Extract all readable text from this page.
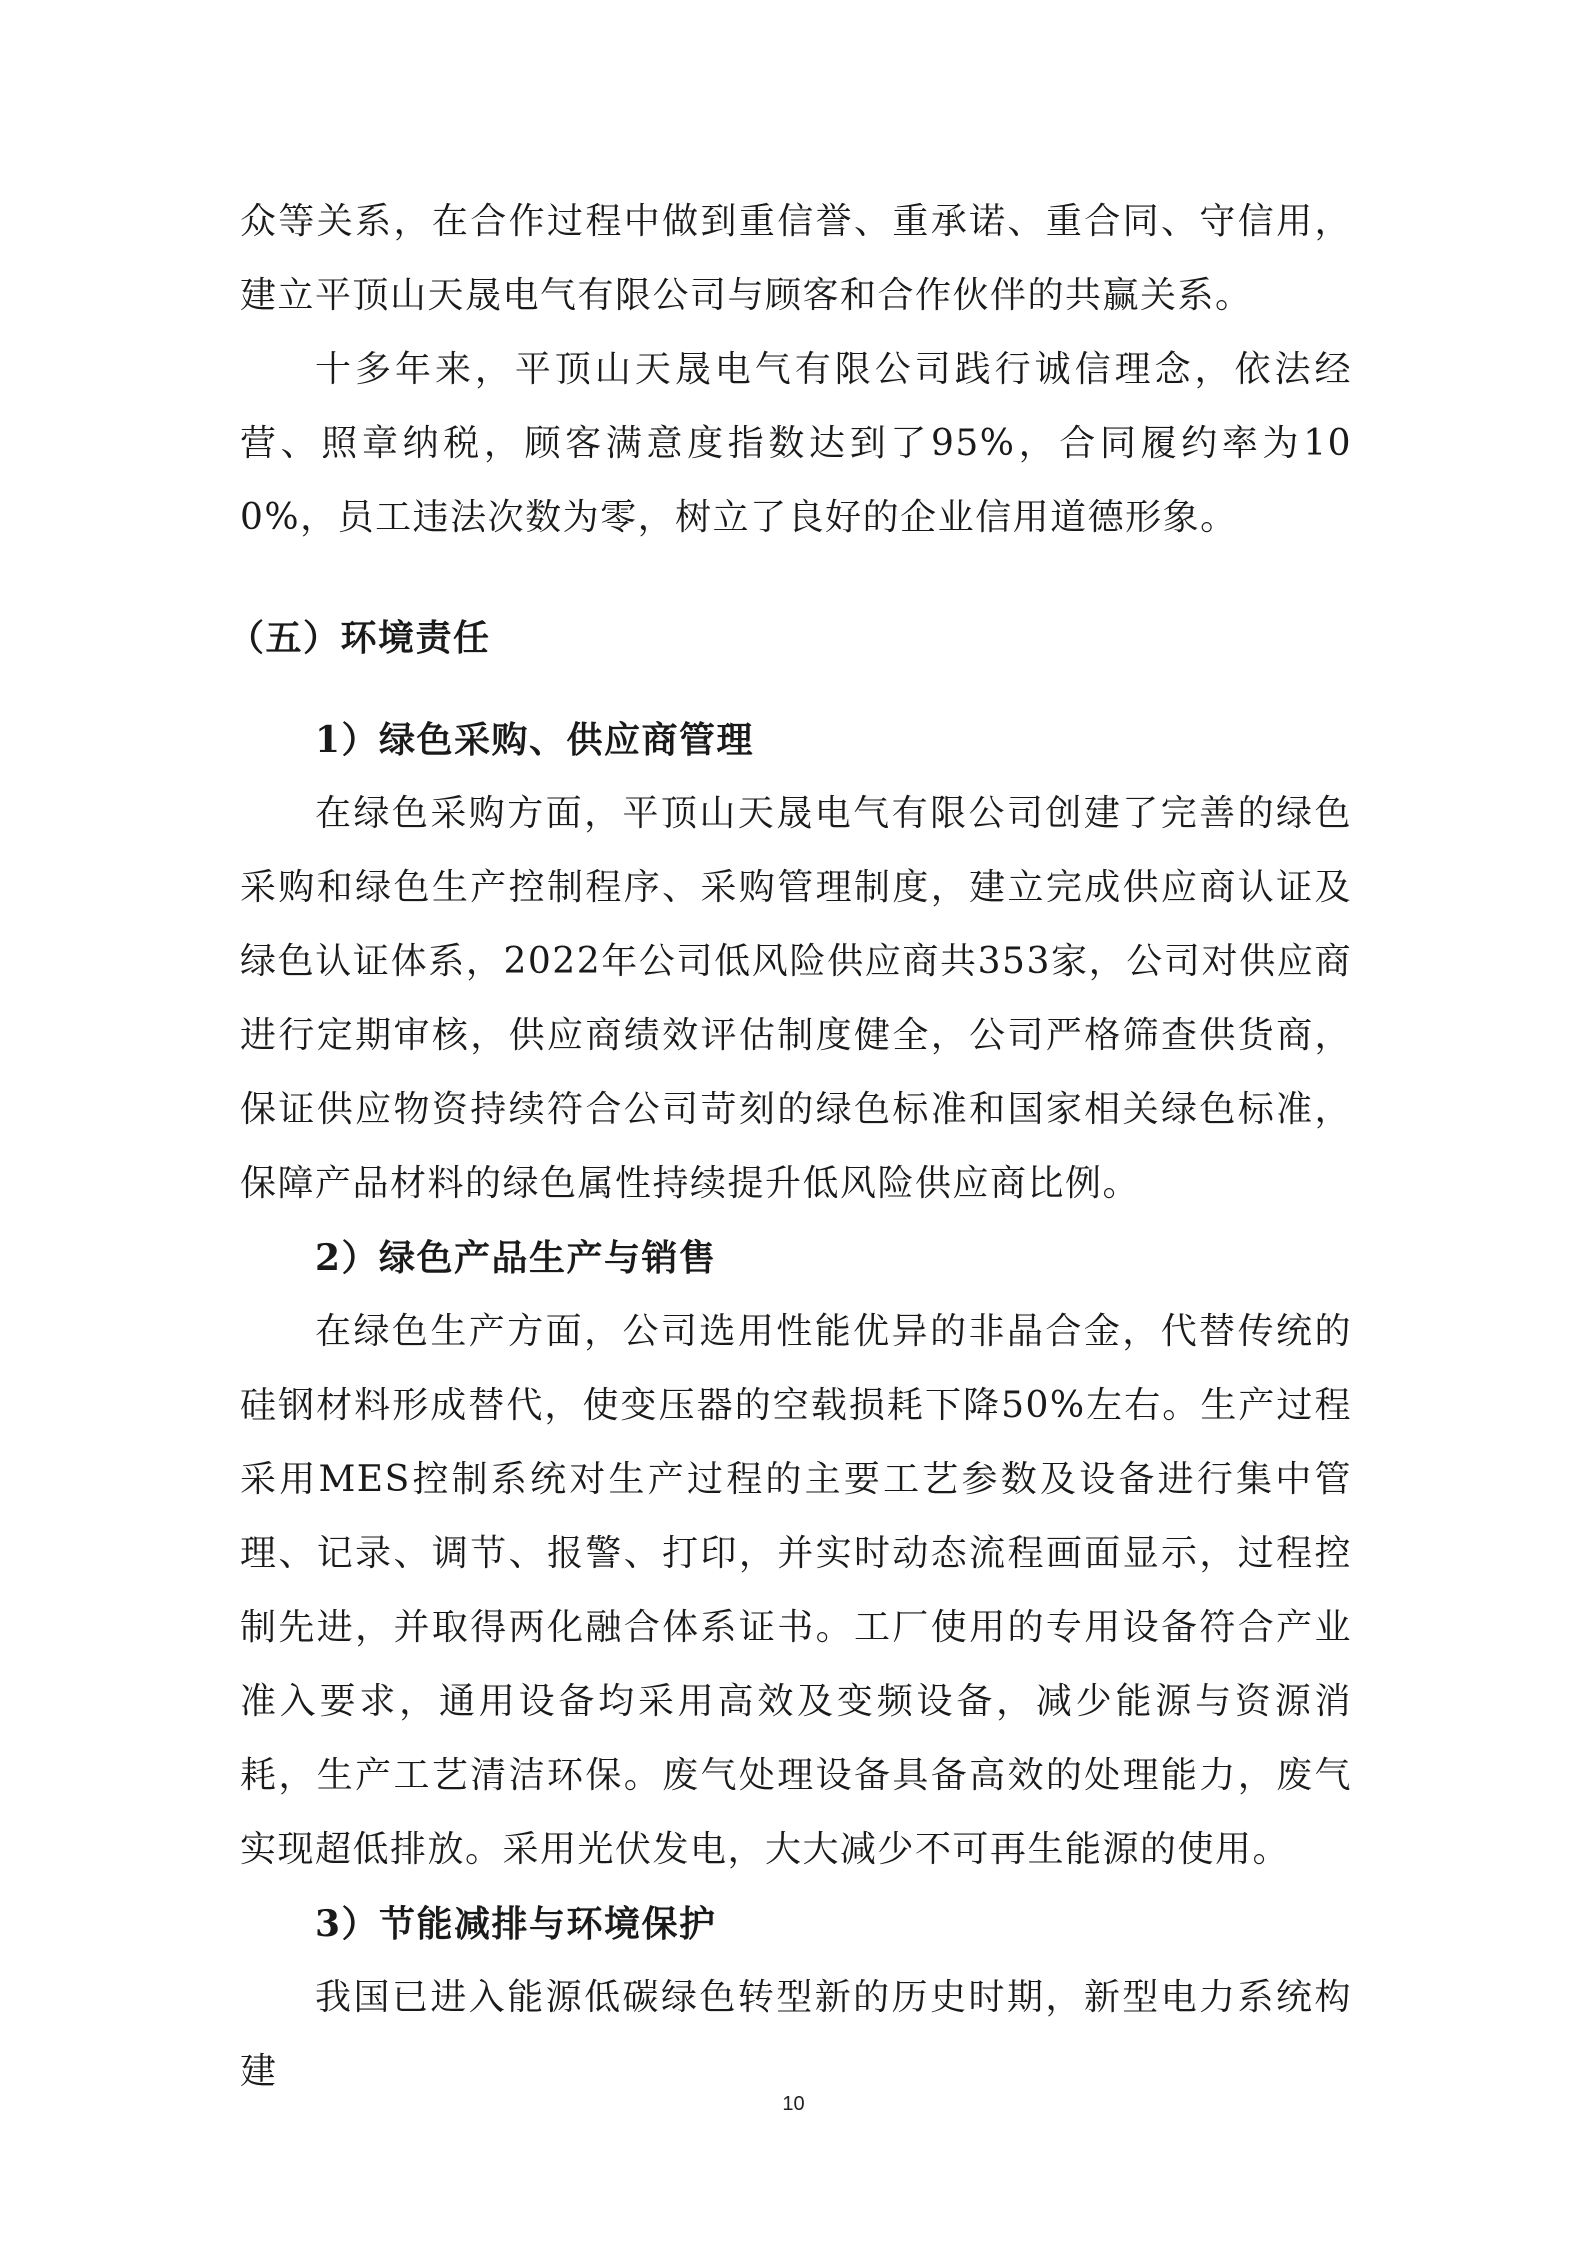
众等关系，在合作过程中做到重信誉、重承诺、重合同、守信用，建立平顶山天晟电气有限公司与顾客和合作伙伴的共赢关系。

十多年来，平顶山天晟电气有限公司践行诚信理念，依法经营、照章纳税，顾客满意度指数达到了95%，合同履约率为100%，员工违法次数为零，树立了良好的企业信用道德形象。

（五）环境责任
1）绿色采购、供应商管理

在绿色采购方面，平顶山天晟电气有限公司创建了完善的绿色采购和绿色生产控制程序、采购管理制度，建立完成供应商认证及绿色认证体系，2022年公司低风险供应商共353家，公司对供应商进行定期审核，供应商绩效评估制度健全，公司严格筛查供货商，保证供应物资持续符合公司苛刻的绿色标准和国家相关绿色标准，保障产品材料的绿色属性持续提升低风险供应商比例。

2）绿色产品生产与销售

在绿色生产方面，公司选用性能优异的非晶合金，代替传统的硅钢材料形成替代，使变压器的空载损耗下降50%左右。生产过程采用MES控制系统对生产过程的主要工艺参数及设备进行集中管理、记录、调节、报警、打印，并实时动态流程画面显示，过程控制先进，并取得两化融合体系证书。工厂使用的专用设备符合产业准入要求，通用设备均采用高效及变频设备，减少能源与资源消耗，生产工艺清洁环保。废气处理设备具备高效的处理能力，废气实现超低排放。采用光伏发电，大大减少不可再生能源的使用。

3）节能减排与环境保护

我国已进入能源低碳绿色转型新的历史时期，新型电力系统构建

10
